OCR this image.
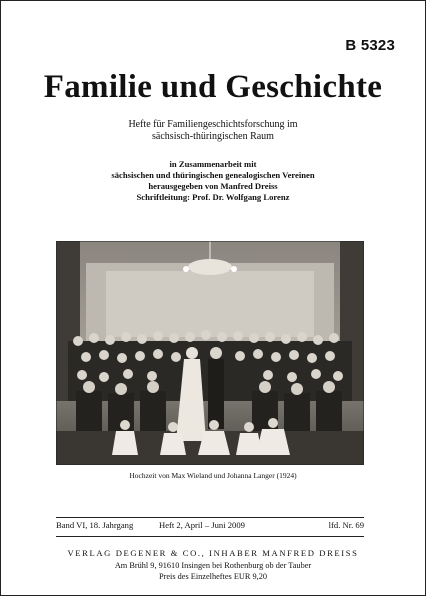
B 5323
Familie und Geschichte
Hefte für Familiengeschichtsforschung im
sächsisch-thüringischen Raum
in Zusammenarbeit mit
sächsischen und thüringischen genealogischen Vereinen
herausgegeben von Manfred Dreiss
Schriftleitung: Prof. Dr. Wolfgang Lorenz
Hochzeit von Max Wieland und Johanna Langer (1924)
Band VI, 18. Jahrgang	Heft 2, April – Juni 2009	lfd. Nr. 69
VERLAG DEGENER & CO., INHABER MANFRED DREISS
Am Brühl 9, 91610 Insingen bei Rothenburg ob der Tauber
Preis des Einzelheftes EUR 9,20
